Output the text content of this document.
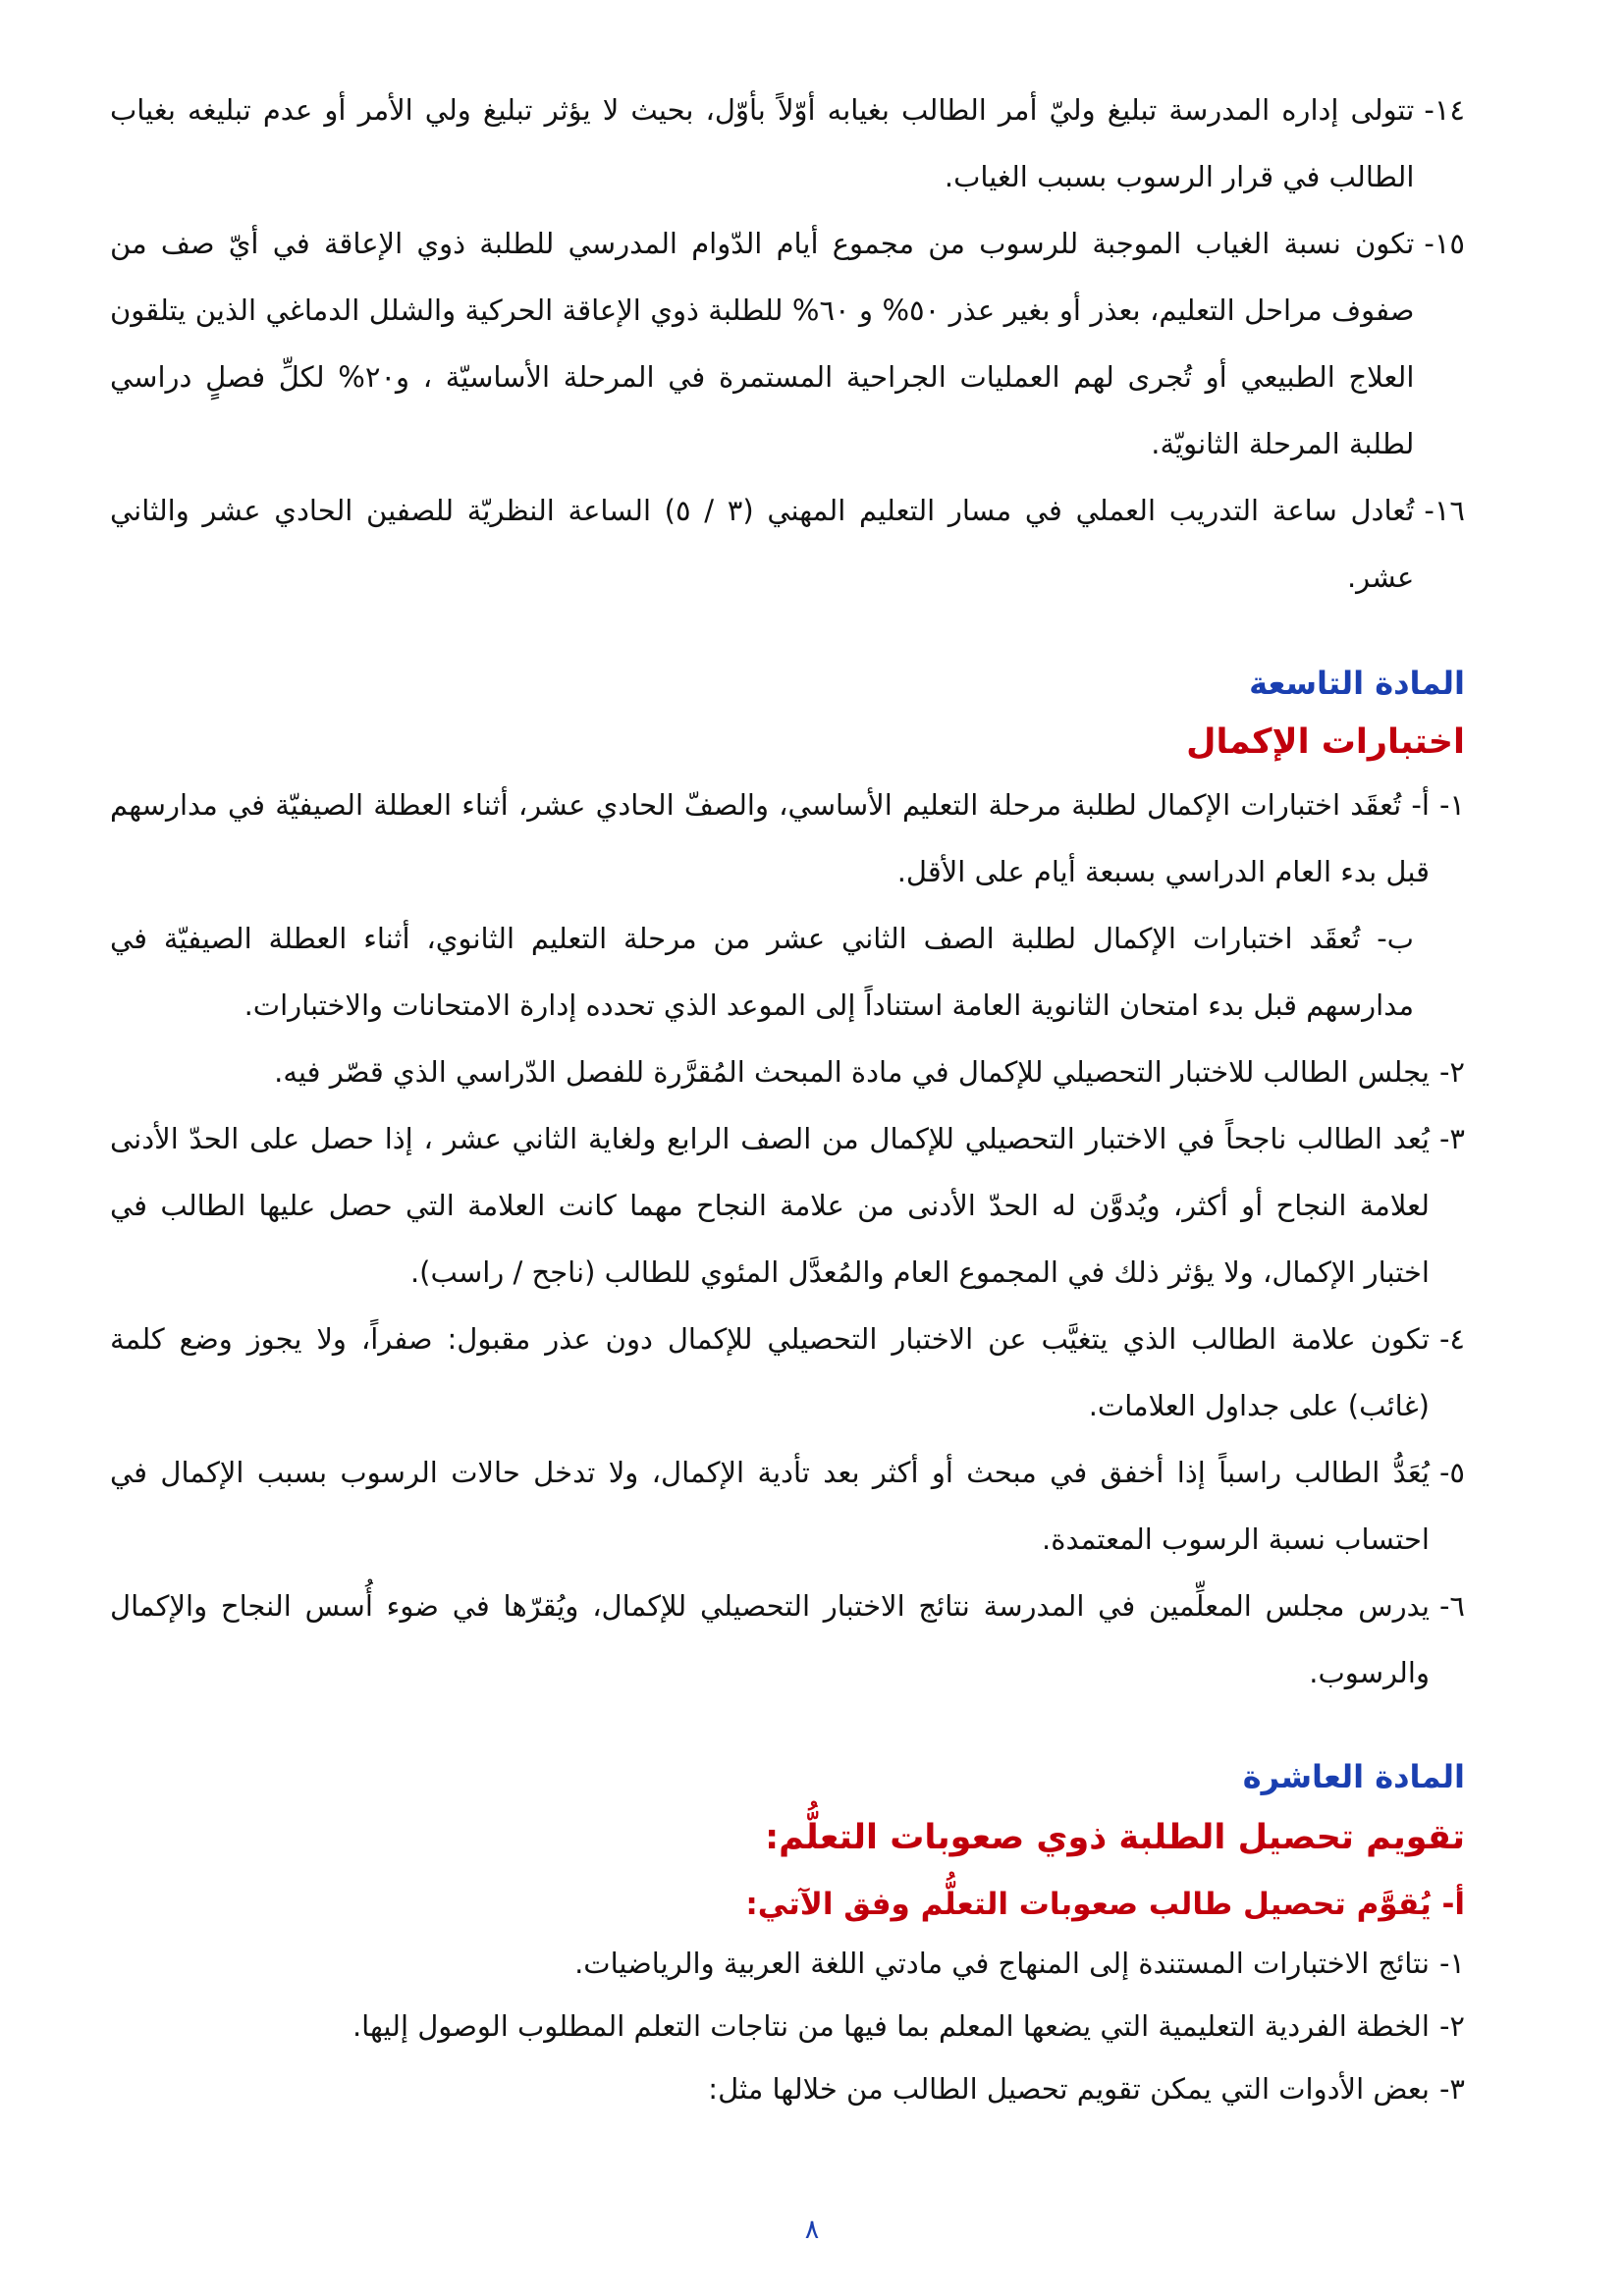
١٤-
تتولى إداره المدرسة تبليغ وليّ أمر الطالب بغيابه أوّلاً بأوّل، بحيث لا يؤثر تبليغ ولي الأمر أو عدم تبليغه بغياب الطالب في قرار الرسوب بسبب الغياب.
١٥-
تكون نسبة الغياب الموجبة للرسوب من مجموع أيام الدّوام المدرسي للطلبة ذوي الإعاقة في أيّ صف من صفوف مراحل التعليم، بعذر أو بغير عذر ٥٠% و ٦٠% للطلبة ذوي الإعاقة الحركية والشلل الدماغي الذين يتلقون العلاج الطبيعي أو تُجرى لهم العمليات الجراحية المستمرة في المرحلة الأساسيّة ، و٢٠% لكلِّ فصلٍ دراسي لطلبة المرحلة الثانويّة.
١٦-
تُعادل ساعة التدريب العملي في مسار التعليم المهني (٣ / ٥) الساعة النظريّة للصفين الحادي عشر والثاني عشر.
المادة التاسعة
اختبارات الإكمال
١-
أ- تُعقَد اختبارات الإكمال لطلبة مرحلة التعليم الأساسي، والصفّ الحادي عشر، أثناء العطلة الصيفيّة في مدارسهم قبل بدء العام الدراسي بسبعة أيام على الأقل.
ب- تُعقَد اختبارات الإكمال لطلبة الصف الثاني عشر من مرحلة التعليم الثانوي، أثناء العطلة الصيفيّة في مدارسهم قبل بدء امتحان الثانوية العامة استناداً إلى الموعد الذي تحدده إدارة الامتحانات والاختبارات.
٢-
يجلس الطالب للاختبار التحصيلي للإكمال في مادة المبحث المُقرَّرة للفصل الدّراسي الذي قصّر فيه.
٣-
يُعد الطالب ناجحاً في الاختبار التحصيلي للإكمال من الصف الرابع ولغاية الثاني عشر ، إذا حصل على الحدّ الأدنى لعلامة النجاح أو أكثر، ويُدوَّن له الحدّ الأدنى من علامة النجاح مهما كانت العلامة التي حصل عليها الطالب في اختبار الإكمال، ولا يؤثر ذلك في المجموع العام والمُعدَّل المئوي للطالب (ناجح / راسب).
٤-
تكون علامة الطالب الذي يتغيَّب عن الاختبار التحصيلي للإكمال دون عذر مقبول: صفراً، ولا يجوز وضع كلمة (غائب) على جداول العلامات.
٥-
يُعَدُّ الطالب راسباً إذا أخفق في مبحث أو أكثر بعد تأدية الإكمال، ولا تدخل حالات الرسوب بسبب الإكمال في احتساب نسبة الرسوب المعتمدة.
٦-
يدرس مجلس المعلِّمين في المدرسة نتائج الاختبار التحصيلي للإكمال، ويُقرّها في ضوء أُسس النجاح والإكمال والرسوب.
المادة العاشرة
تقويم تحصيل الطلبة ذوي صعوبات التعلُّم:
أ- يُقوَّم تحصيل طالب صعوبات التعلُّم وفق الآتي:
١-
نتائج الاختبارات المستندة إلى المنهاج في مادتي اللغة العربية والرياضيات.
٢-
الخطة الفردية التعليمية التي يضعها المعلم بما فيها من نتاجات التعلم المطلوب الوصول إليها.
٣-
بعض الأدوات التي يمكن تقويم تحصيل الطالب من خلالها مثل:
٨
